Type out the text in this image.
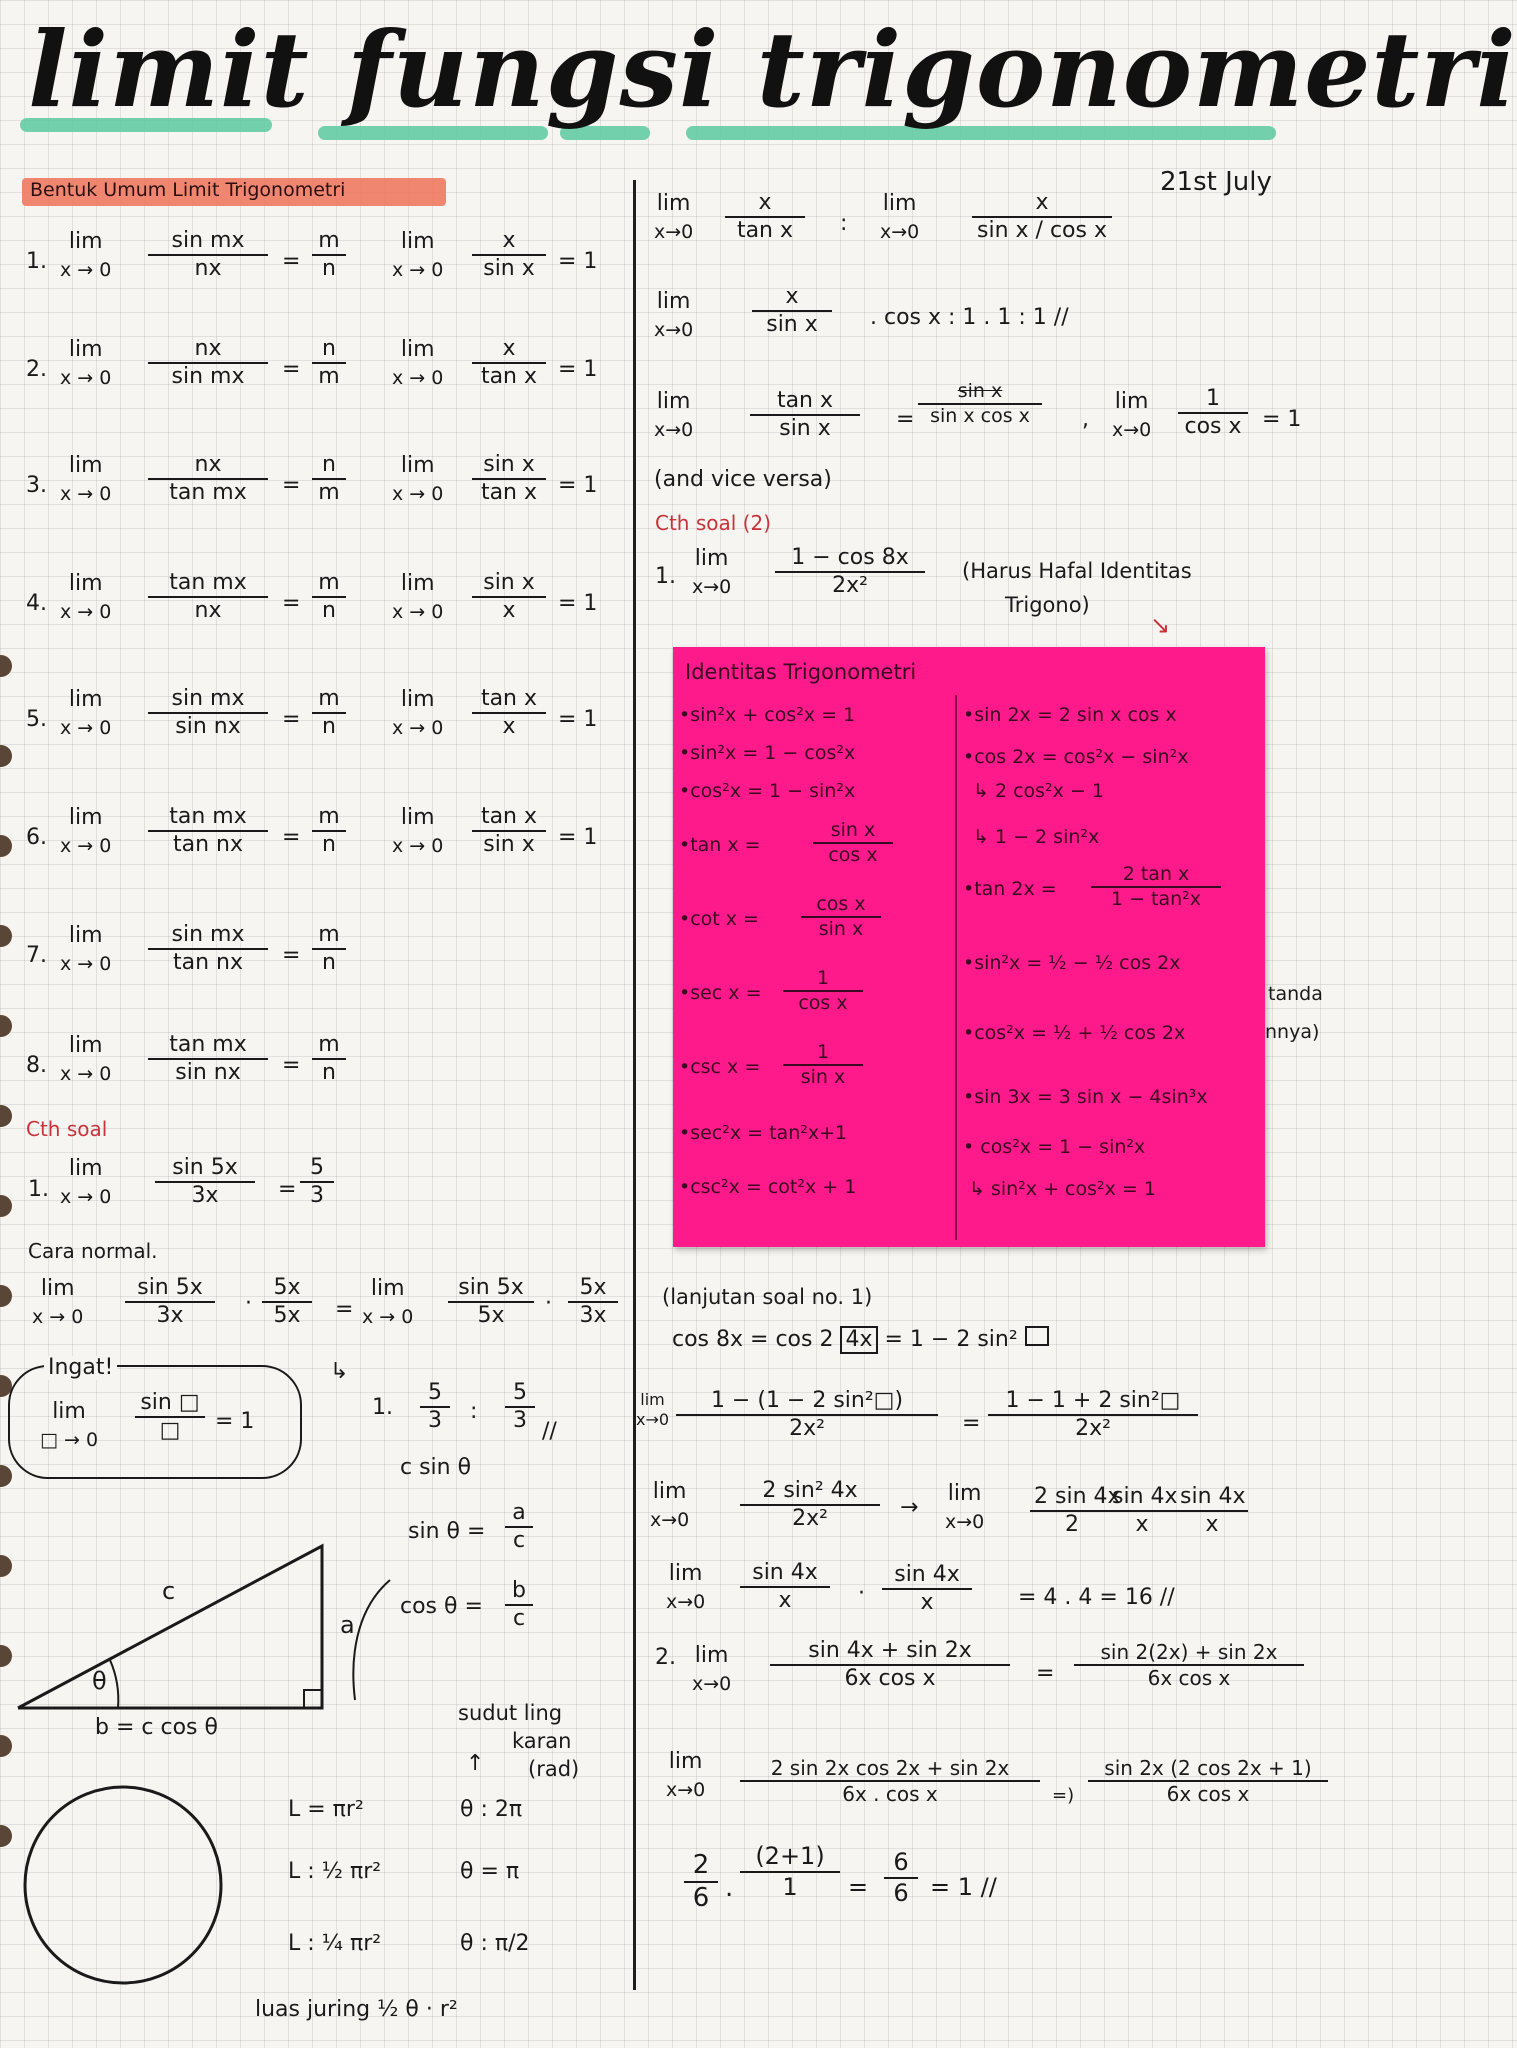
limit fungsi trigonometri
21st July
Bentuk Umum Limit Trigonometri
1.
lim
$x \to 0 \frac{\text{sin mx}}{nx} = \frac{m}{n}$	lim
$x \to 0 \frac{x}{\text{sin x}} = 1$
2.
lim
$x \to 0 \frac{nx}{\text{sin mx}} = \frac{n}{m}$	lim
$x \to 0 \frac{x}{\text{tan x}} = 1$
3.
lim
$x \to 0 \frac{nx}{\text{tan mx}} = \frac{n}{m}$	lim
$x \to 0 \frac{\text{sin x}}{\text{tan x}} = 1$
4.
lim
$x \to 0 \frac{\text{tan mx}}{nx} = \frac{m}{n}$	lim
$x \to 0 \frac{\text{sin x}}{x} = 1$
5.
lim
$x \to 0 \frac{\text{sin mx}}{\text{sin nx}} = \frac{m}{n}$	lim
$x \to 0 \frac{\text{tan x}}{x} = 1$
6.
lim
$x \to 0 \frac{\text{tan mx}}{\text{tan nx}} = \frac{m}{n}$	lim
$x \to 0 \frac{\text{tan x}}{\text{sin x}} = 1$
7.
lim
$x \to 0 \frac{\text{sin mx}}{\text{tan nx}} = \frac{m}{n}$
8.
lim
$x \to 0 \frac{\text{tan mx}}{\text{sin nx}} = \frac{m}{n}$
Cth soal
1.
lim
$x \to 0 \frac{\sin 5x}{3x} = \frac{5}{3}$
Cara normal.
lim
$x \to 0 \frac{\sin 5x}{3x} \cdot \frac{5x}{5x}$ =
lim
$x \to 0 \frac{\sin 5x}{5x} \cdot \frac{5x}{3x}$
Ingat!
lim
□ → 0
sin □
□	= 1
↳
1. $\frac{5}{3}$ : $\frac{5}{3}$ //
c
a
θ
b = c cos θ
c sin θ
$\sin \theta = \frac{a}{c}$
$\cos \theta = \frac{b}{c}$
sudut ling
karan
(rad)
↑
L = πr²	θ : 2π
L : ½ πr²	θ = π
L : ¼ πr²	θ : π/2
luas juring ½ θ · r²
lim
$x\to 0 \frac{x}{\text{tan x}}$ :
lim
$x\to 0 \frac{x}{\text{sin x / cos x}}$
lim
x→0	$\frac{x}{\text{sin x}}$ . cos x : 1 . 1 : 1 //
lim
x→0	$\frac{\text{tan x}}{\text{sin x}} = \frac{\text{sin x}}{\text{sin x cos x}}$ ,
lim
$x\to 0 \frac{1}{\text{cos x}} = 1$
(and vice versa)
Cth soal (2)
1.
lim
$x\to 0 \frac{1 - \cos 8x}{\text{2x²}}$ (Harus Hafal Identitas
Trigono)
↘
Identitas Trigonometri
•sin²x + cos²x = 1
•sin²x = 1 − cos²x
•cos²x = 1 − sin²x
•tan x =	$\frac{\text{sin x}}{\text{cos x}}$
•cot $x = \frac{\text{cos x}}{\text{sin x}}$
•sec $x = \frac{1}{\text{cos x}}$
•csc $x = \frac{1}{\text{sin x}}$
•sec²x = tan²x+1
•csc²x = cot²x + 1
•sin 2x = 2 sin x cos x
•cos 2x = cos²x − sin²x
↳ 2 cos²x − 1
↳ 1 − 2 sin²x
•tan $2x = \frac{\text{2 tan x}}{\text{1 − tan²x}}$
•sin²x = ½ − ½ cos 2x
•cos²x = ½ + ½ cos 2x
•sin 3x = 3 sin x − 4sin³x
• cos²x = 1 − sin²x
↳ sin²x + cos²x = 1
tanda
nnya)
(lanjutan soal no. 1)
cos 8x = cos 2 4x = 1 − 2 sin²
lim
$x\to 0 \frac{\text{1 − (1 − 2 sin²□)}}{\text{2x²}} = \frac{\text{1 − 1 + 2 sin²□}}{\text{2x²}}$
lim
$x\to 0 \frac{\text{2 sin² 4x}}{\text{2x²}}$ →
lim
$x\to 0 \frac{2 \sin 4x}{2}$
$\frac{\sin 4x}{x} \frac{\sin 4x}{x}$
lim
$x\to 0 \frac{\sin 4x}{x} \cdot \frac{\sin 4x}{x} = 4$ . 4 = 16 //
2. lim
$x\to 0 \frac{\sin 4x + \sin 2x}{\text{6x cos x}} = \frac{\sin 2(2x) + \sin 2x}{\text{6x cos x}}$
lim
$x\to 0 \frac{\text{2 sin 2x cos 2x + sin 2x}}{\text{6x . cos x}}$ =) $\frac{\sin 2x (2 \cos 2x + 1)}{\text{6x cos x}}$
$\frac{2}{6}$ . $\frac{(2+1)}{1} = \frac{6}{6} = 1$ //
